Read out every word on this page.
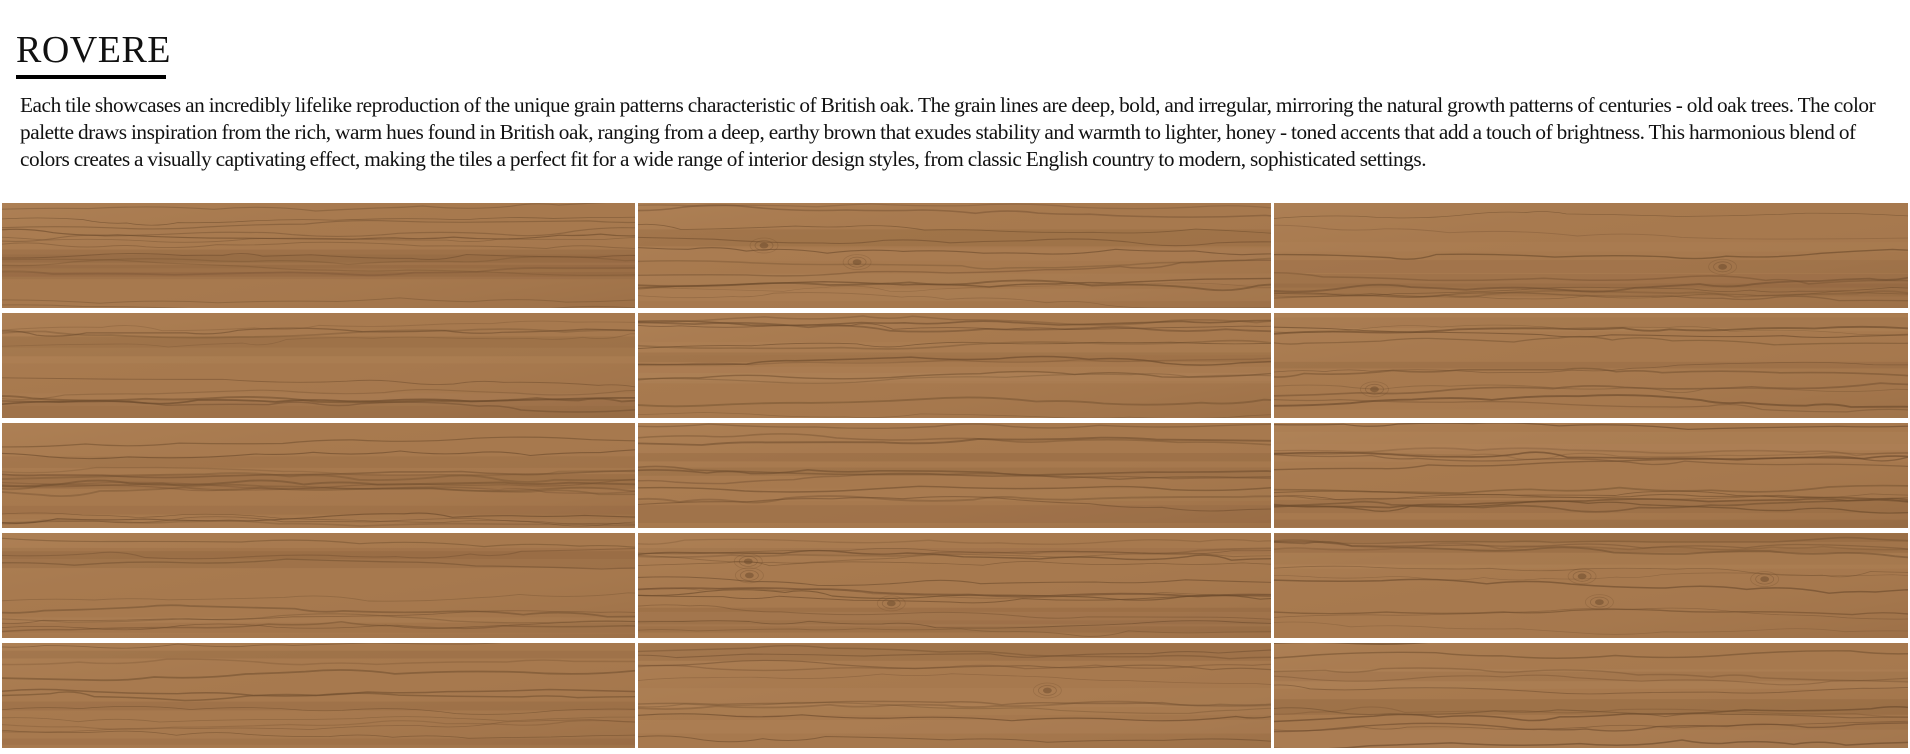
ROVERE

Each tile showcases an incredibly lifelike reproduction of the unique grain patterns characteristic of British oak. The grain lines are deep, bold, and irregular, mirroring the natural growth patterns of centuries - old oak trees. The color palette draws inspiration from the rich, warm hues found in British oak, ranging from a deep, earthy brown that exudes stability and warmth to lighter, honey - toned accents that add a touch of brightness. This harmonious blend of colors creates a visually captivating effect, making the tiles a perfect fit for a wide range of interior design styles, from classic English country to modern, sophisticated settings.
